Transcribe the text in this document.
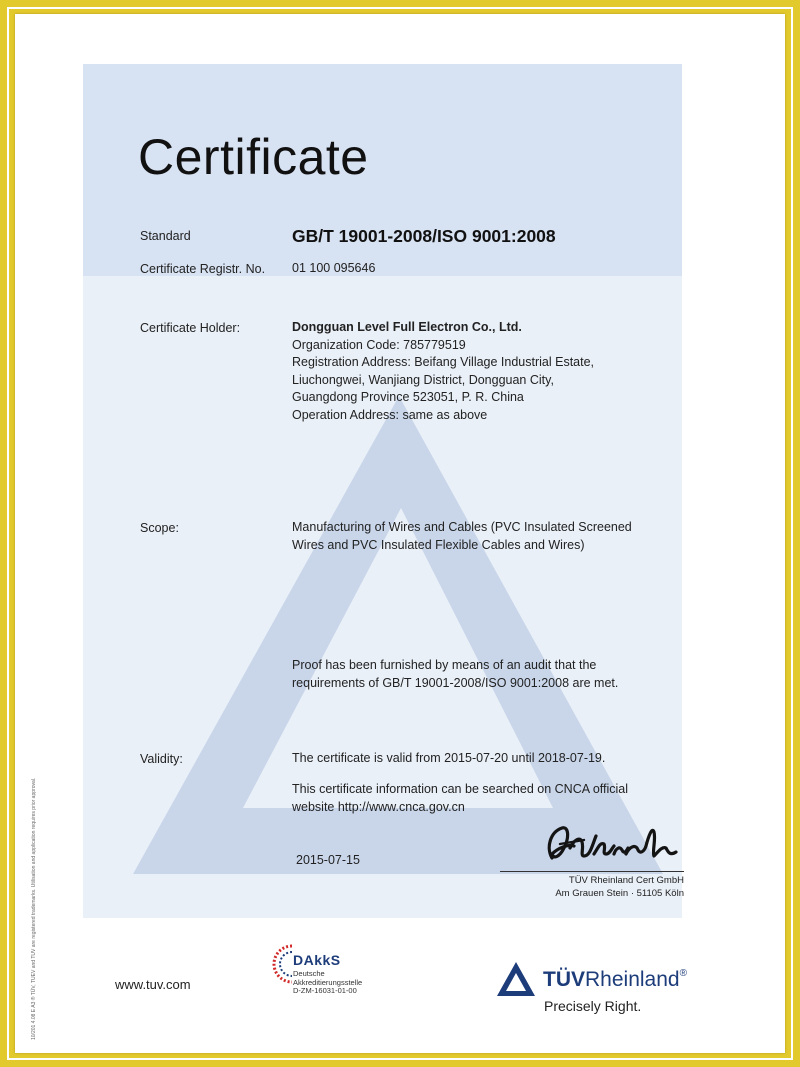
Certificate
Standard	GB/T 19001-2008/ISO 9001:2008
Certificate Registr. No. 01 100 095646
Certificate Holder:	Dongguan Level Full Electron Co., Ltd.
Organization Code: 785779519
Registration Address: Beifang Village Industrial Estate,
Liuchongwei, Wanjiang District, Dongguan City,
Guangdong Province 523051, P. R. China
Operation Address: same as above
Scope:	Manufacturing of Wires and Cables (PVC Insulated Screened
Wires and PVC Insulated Flexible Cables and Wires)
Proof has been furnished by means of an audit that the
requirements of GB/T 19001-2008/ISO 9001:2008 are met.
Validity:	The certificate is valid from 2015-07-20 until 2018-07-19.
This certificate information can be searched on CNCA official
website http://www.cnca.gov.cn
2015-07-15
TÜV Rheinland Cert GmbH
Am Grauen Stein · 51105 Köln
www.tuv.com
DAkkS
Deutsche
Akkreditierungsstelle
D-ZM-16031-01-00	TÜVRheinland®
Precisely Right.
10/201 4.08 E A3 ® TÜV, TUEV and TUV are registered trademarks. Utilisation and application requires prior approval.
